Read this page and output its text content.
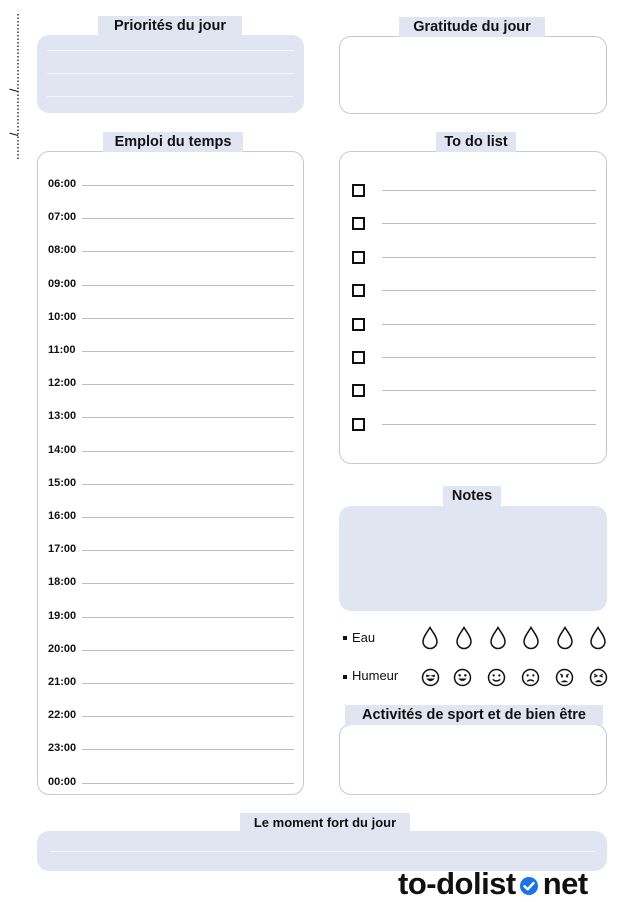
/
/
Priorités du jour	Gratitude du jour
Emploi du temps
06:00
07:00
08:00
09:00
10:00
11:00
12:00
13:00
14:00
15:00
16:00
17:00
18:00
19:00
20:00
21:00
22:00
23:00
00:00
To do list
Notes
Eau
Humeur
Activités de sport et de bien être
Le moment fort du jour
to-dolist net
